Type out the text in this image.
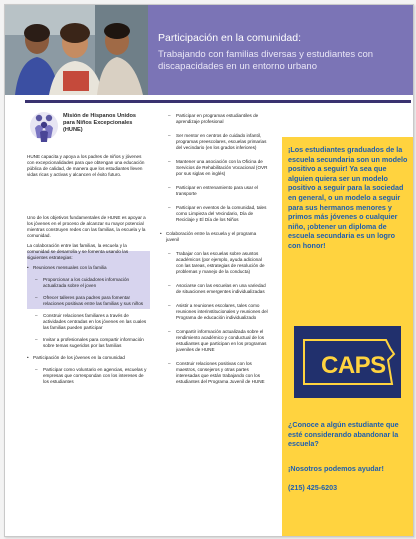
Participación en la comunidad:
Trabajando con familias diversas y estudiantes con discapacidades en un entorno urbano
Misión de Hispanos Unidos para Niños Excepcionales (HUNE)
HUNE capacita y apoya a los padres de niños y jóvenes con excepcionalidades para que obtengan una educación pública de calidad, de manera que los estudiantes lleven vidas ricas y activas y alcancen el éxito futuro.

Uno de los objetivos fundamentales de HUNE es apoyar a los jóvenes en el proceso de alcanzar su mayor potencial mientras construyen redes con las familias, la escuela y la comunidad.

La colaboración entre las familias, la escuela y la comunidad se desarrolla y se fomenta usando las siguientes estrategias:

• Reuniones mensuales con la familia
– Proporcionar a los cuidadores información actualizada sobre el joven
– Ofrecer talleres para padres para fomentar relaciones positivas entre las familias y sus niños
– Construir relaciones familiares a través de actividades centradas en los jóvenes en las cuales las familias pueden participar
– Invitar a profesionales para compartir información sobre temas sugeridos por las familias
• Participación de los jóvenes en la comunidad
– Participar como voluntario en agencias, escuelas y empresas que correspondan con los intereses de los estudiantes
– Participar en programas estudiantiles de aprendizaje profesional
– Ser mentor en centros de cuidado infantil, programas preescolares, escuelas primarias del vecindario (en los grados inferiores)
– Mantener una asociación con la Oficina de Servicios de Rehabilitación Vocacional (OVR por sus siglas en inglés)
– Participar en entrenamiento para usar el transporte
– Participar en eventos de la comunidad, tales como Limpieza del Vecindario, Día de Reciclaje y El Día de los Niños
• Colaboración entre la escuela y el programa juvenil
– Trabajar con las escuelas sobre asuntos académicos (por ejemplo, ayuda adicional con las tareas, estrategias de resolución de problemas y manejo de la conducta)
– Asociarse con las escuelas en una variedad de situaciones emergentes individualizadas
– Asistir a reuniones escolares, tales como reuniones interinstitucionales y reuniones del Programa de educación individualizado
– Compartir información actualizada sobre el rendimiento académico y conductual de los estudiantes que participan en los programas juveniles de HUNE
– Construir relaciones positivas con los maestros, consejeros y otras partes interesadas que están trabajando con los estudiantes del Programa Juvenil de HUNE
¡Los estudiantes graduados de la escuela secundaria son un modelo positivo a seguir! Ya sea que alguien quiera ser un modelo positivo a seguir para la sociedad en general, o un modelo a seguir para sus hermanos menores y primos más jóvenes o cualquier niño, ¡obtener un diploma de escuela secundaria es un logro con honor!
CAPS
¿Conoce a algún estudiante que esté considerando abandonar la escuela?
¡Nosotros podemos ayudar!
(215) 425-6203
